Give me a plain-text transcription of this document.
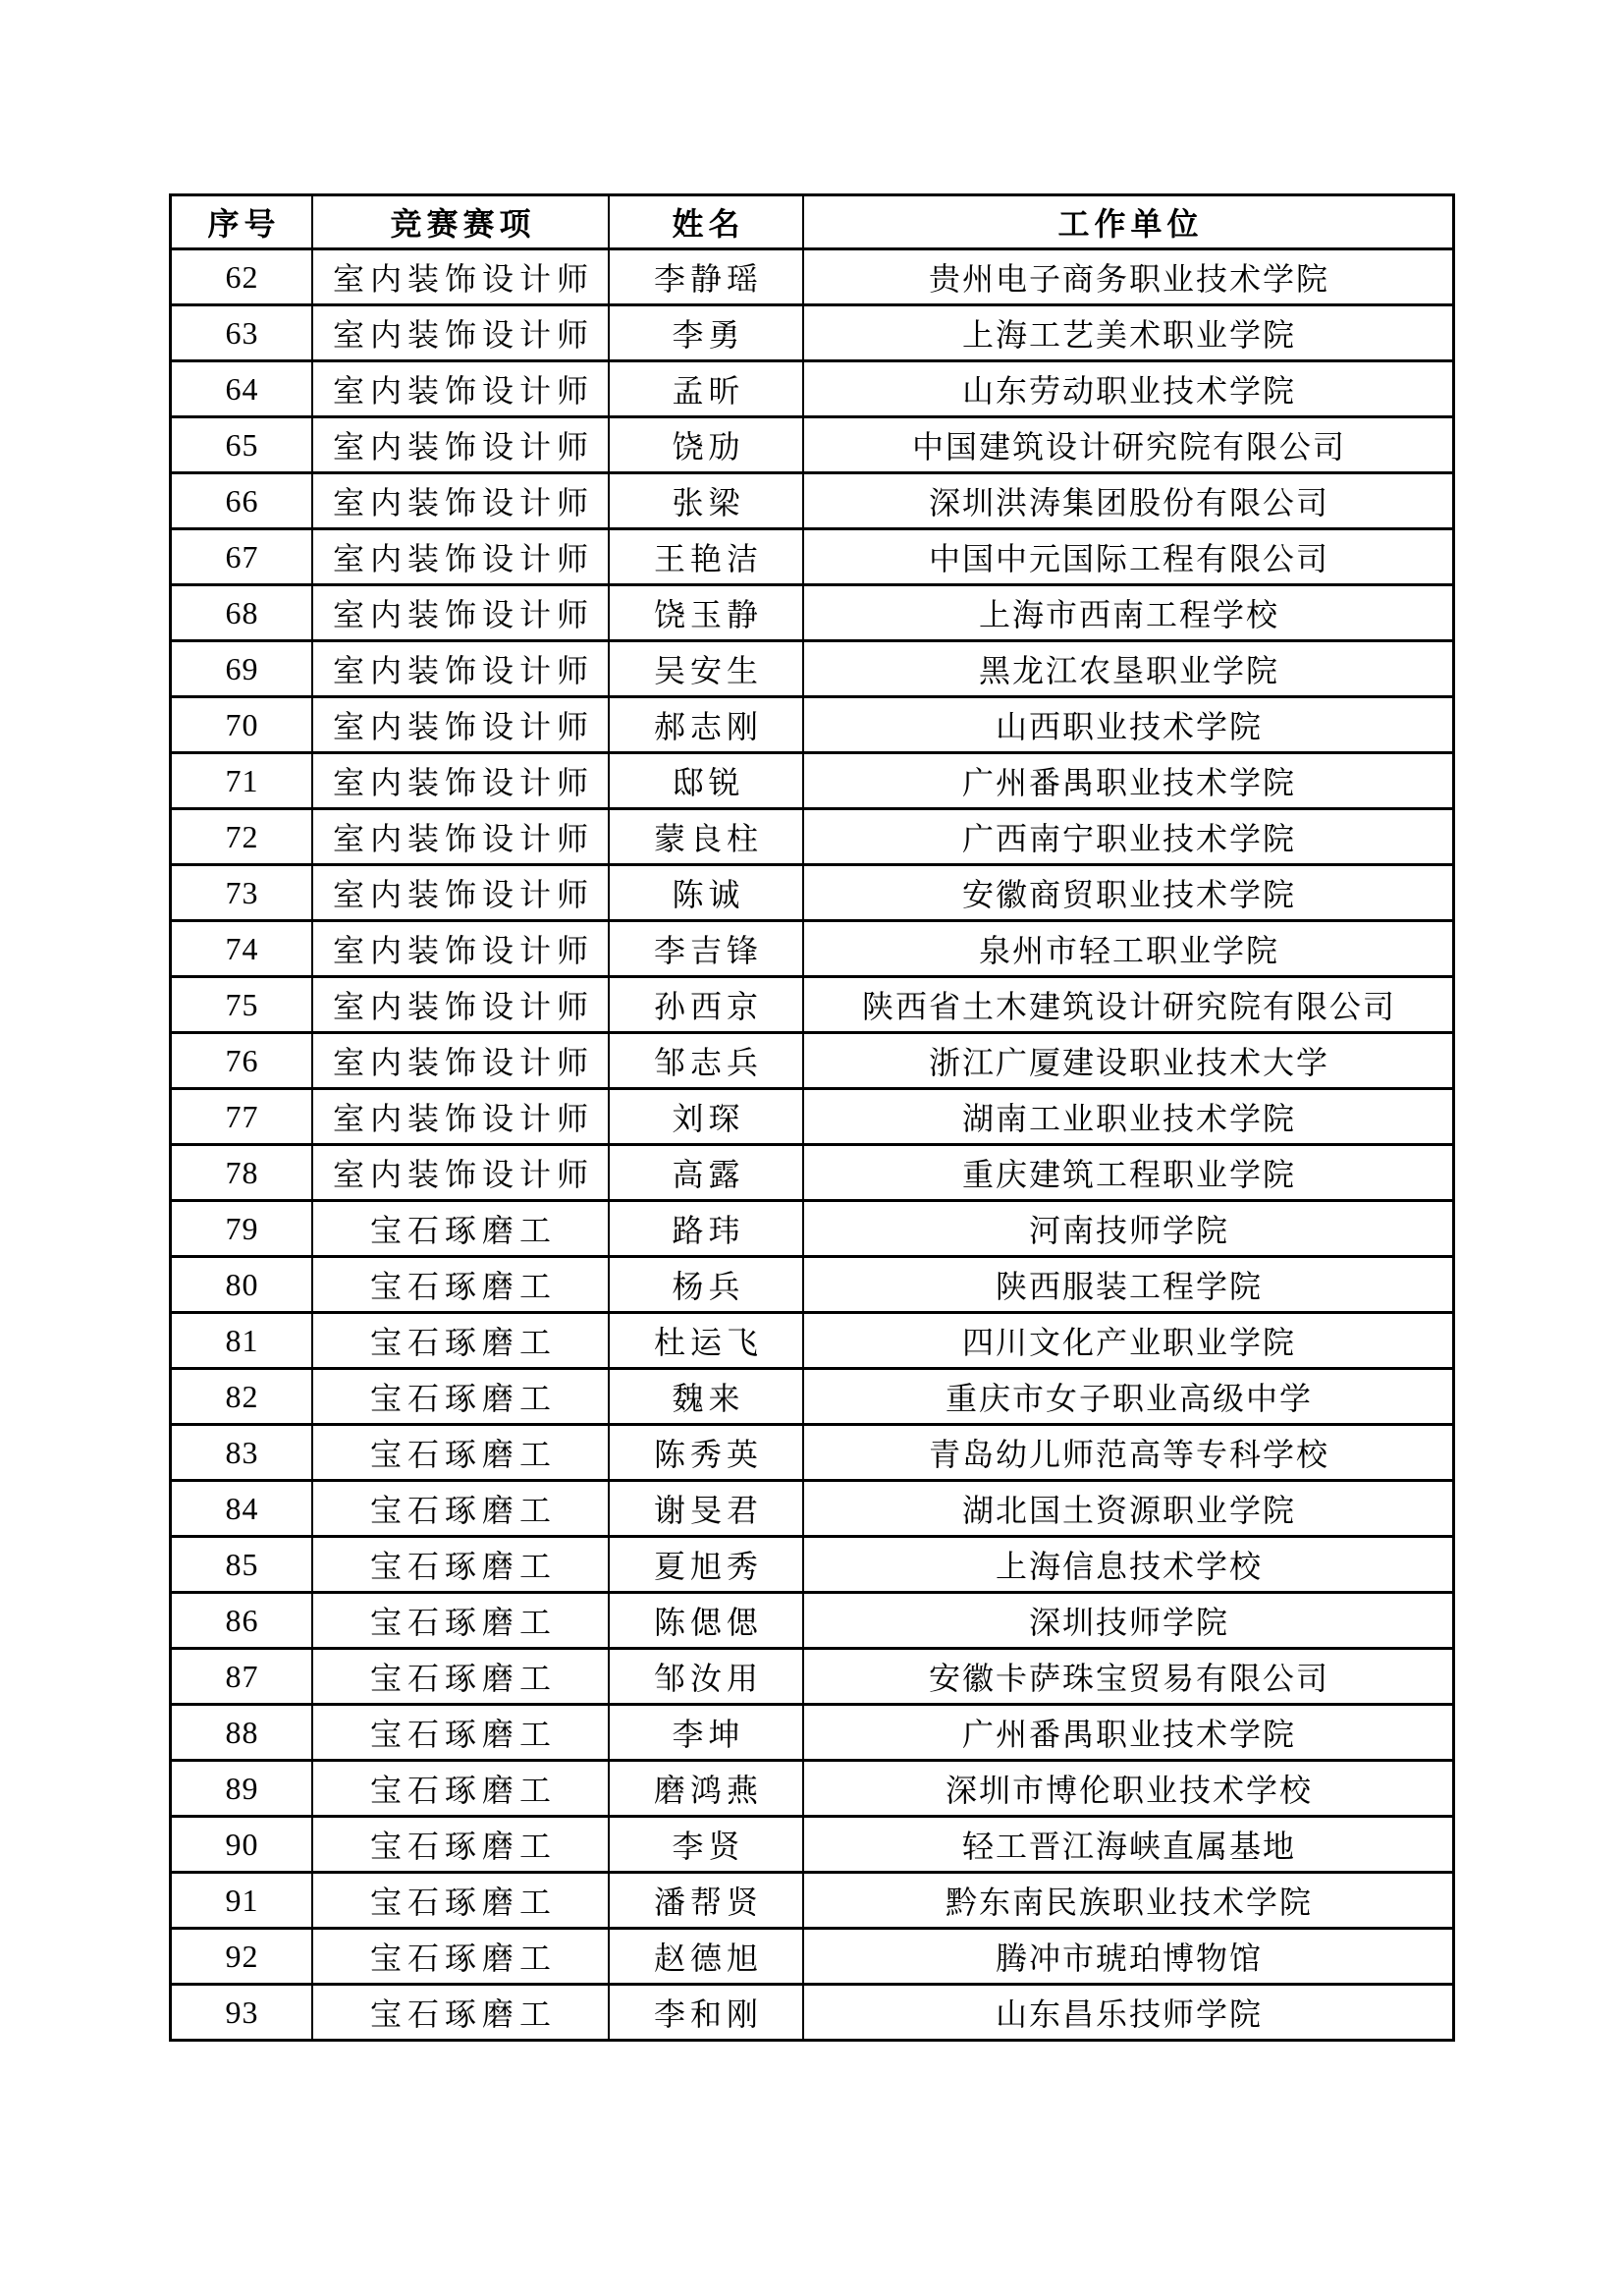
序号	竞赛赛项	姓名	工作单位
62	室内装饰设计师	李静瑶	贵州电子商务职业技术学院
63	室内装饰设计师	李勇	上海工艺美术职业学院
64	室内装饰设计师	孟昕	山东劳动职业技术学院
65	室内装饰设计师	饶劢	中国建筑设计研究院有限公司
66	室内装饰设计师	张梁	深圳洪涛集团股份有限公司
67	室内装饰设计师	王艳洁	中国中元国际工程有限公司
68	室内装饰设计师	饶玉静	上海市西南工程学校
69	室内装饰设计师	吴安生	黑龙江农垦职业学院
70	室内装饰设计师	郝志刚	山西职业技术学院
71	室内装饰设计师	邸锐	广州番禺职业技术学院
72	室内装饰设计师	蒙良柱	广西南宁职业技术学院
73	室内装饰设计师	陈诚	安徽商贸职业技术学院
74	室内装饰设计师	李吉锋	泉州市轻工职业学院
75	室内装饰设计师	孙西京	陕西省土木建筑设计研究院有限公司
76	室内装饰设计师	邹志兵	浙江广厦建设职业技术大学
77	室内装饰设计师	刘琛	湖南工业职业技术学院
78	室内装饰设计师	高露	重庆建筑工程职业学院
79	宝石琢磨工	路玮	河南技师学院
80	宝石琢磨工	杨兵	陕西服装工程学院
81	宝石琢磨工	杜运飞	四川文化产业职业学院
82	宝石琢磨工	魏来	重庆市女子职业高级中学
83	宝石琢磨工	陈秀英	青岛幼儿师范高等专科学校
84	宝石琢磨工	谢旻君	湖北国土资源职业学院
85	宝石琢磨工	夏旭秀	上海信息技术学校
86	宝石琢磨工	陈偲偲	深圳技师学院
87	宝石琢磨工	邹汝用	安徽卡萨珠宝贸易有限公司
88	宝石琢磨工	李坤	广州番禺职业技术学院
89	宝石琢磨工	磨鸿燕	深圳市博伦职业技术学校
90	宝石琢磨工	李贤	轻工晋江海峡直属基地
91	宝石琢磨工	潘帮贤	黔东南民族职业技术学院
92	宝石琢磨工	赵德旭	腾冲市琥珀博物馆
93	宝石琢磨工	李和刚	山东昌乐技师学院
